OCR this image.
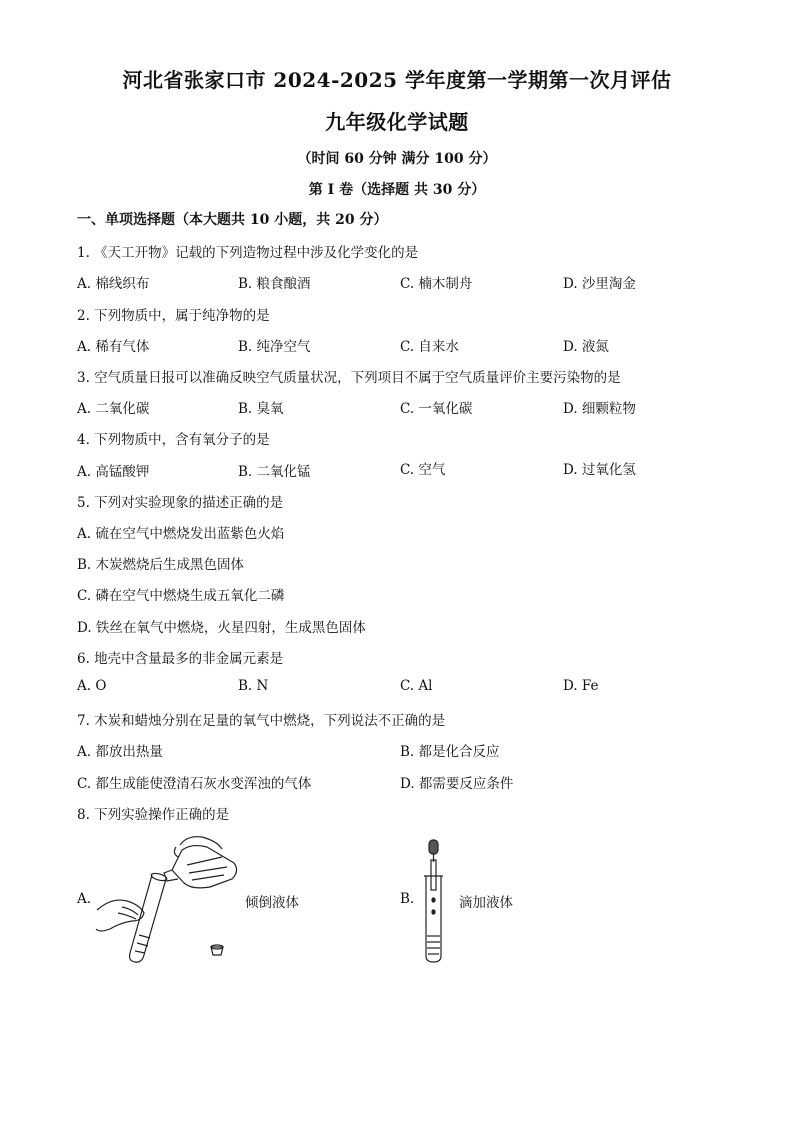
河北省张家口市 2024-2025 学年度第一学期第一次月评估
九年级化学试题
（时间 60 分钟 满分 100 分）
第 I 卷（选择题 共 30 分）
一、单项选择题（本大题共 10 小题，共 20 分）
1. 《天工开物》记载的下列造物过程中涉及化学变化的是
A. 棉线织布	B. 粮食酿酒	C. 楠木制舟	D. 沙里淘金
2. 下列物质中，属于纯净物的是
A. 稀有气体	B. 纯净空气	C. 自来水	D. 液氮
3. 空气质量日报可以准确反映空气质量状况，下列项目不属于空气质量评价主要污染物的是
A. 二氧化碳	B. 臭氧	C. 一氧化碳	D. 细颗粒物
4. 下列物质中，含有氧分子的是
A. 高锰酸钾	B. 二氧化锰	C. 空气	D. 过氧化氢
5. 下列对实验现象的描述正确的是
A. 硫在空气中燃烧发出蓝紫色火焰
B. 木炭燃烧后生成黑色固体
C. 磷在空气中燃烧生成五氧化二磷
D. 铁丝在氧气中燃烧，火星四射，生成黑色固体
6. 地壳中含量最多的非金属元素是
A. O	B. N	C. Al	D. Fe
7. 木炭和蜡烛分别在足量的氧气中燃烧，下列说法不正确的是
A. 都放出热量	B. 都是化合反应
C. 都生成能使澄清石灰水变浑浊的气体	D. 都需要反应条件
8. 下列实验操作正确的是
A.	倾倒液体	B.	滴加液体
